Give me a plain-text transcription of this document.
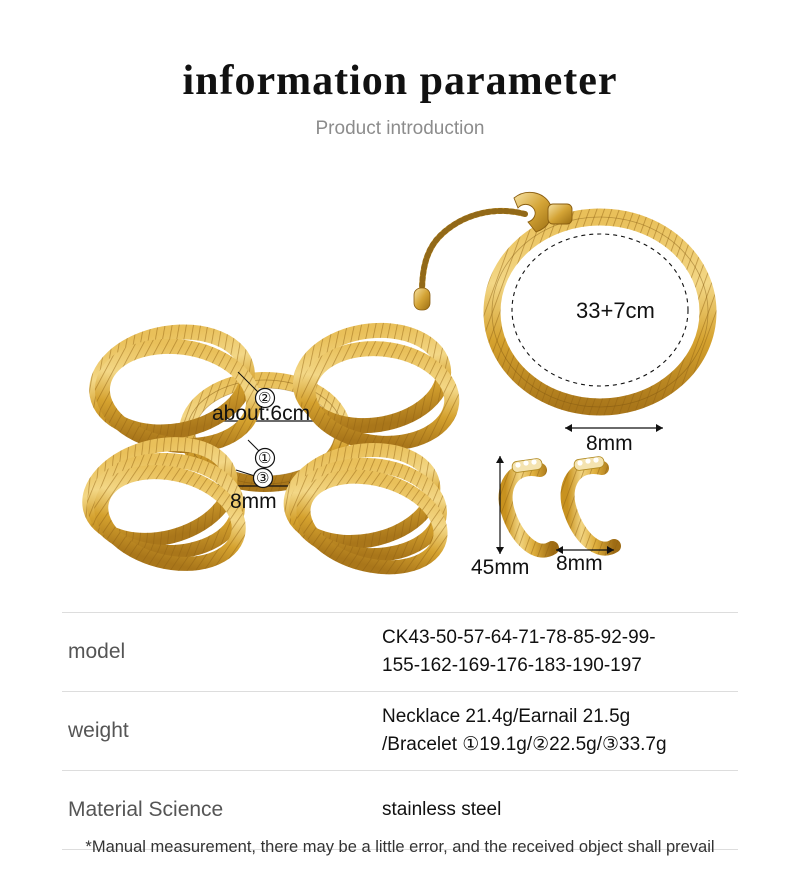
information parameter
Product introduction
about:6cm
8mm
②
①
③
33+7cm
8mm
45mm 8mm
model
CK43-50-57-64-71-78-85-92-99-
155-162-169-176-183-190-197
weight
Necklace 21.4g/Earnail 21.5g
/Bracelet ①19.1g/②22.5g/③33.7g
Material Science	stainless steel
*Manual measurement, there may be a little error, and the received object shall prevail
